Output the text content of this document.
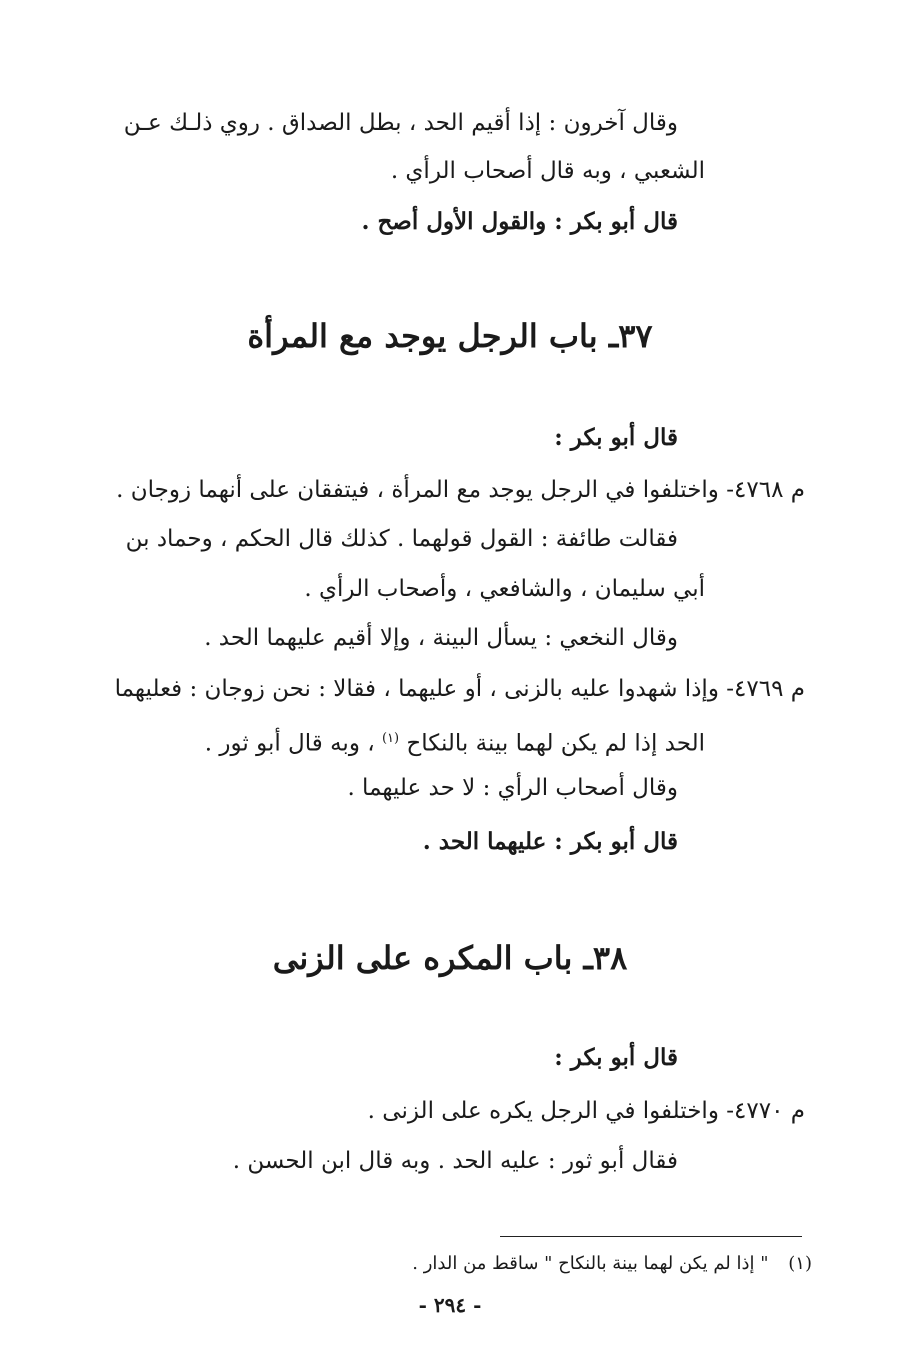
وقال آخرون : إذا أقيم الحد ، بطل الصداق . روي ذلـك عـن
الشعبي ، وبه قال أصحاب الرأي .
قال أبو بكر : والقول الأول أصح .
٣٧ـ باب الرجل يوجد مع المرأة
قال أبو بكر :
م ٤٧٦٨- واختلفوا في الرجل يوجد مع المرأة ، فيتفقان على أنهما زوجان .
فقالت طائفة : القول قولهما . كذلك قال الحكم ، وحماد بن
أبي سليمان ، والشافعي ، وأصحاب الرأي .
وقال النخعي : يسأل البينة ، وإلا أقيم عليهما الحد .
م ٤٧٦٩- وإذا شهدوا عليه بالزنى ، أو عليهما ، فقالا : نحن زوجان : فعليهما
الحد إذا لم يكن لهما بينة بالنكاح $^{(١)}$ ، وبه قال أبو ثور .
وقال أصحاب الرأي : لا حد عليهما .
قال أبو بكر : عليهما الحد .
٣٨ـ باب المكره على الزنى
قال أبو بكر :
م ٤٧٧٠- واختلفوا في الرجل يكره على الزنى .
فقال أبو ثور : عليه الحد . وبه قال ابن الحسن .
(١) " إذا لم يكن لهما بينة بالنكاح " ساقط من الدار .
- ٢٩٤ -
